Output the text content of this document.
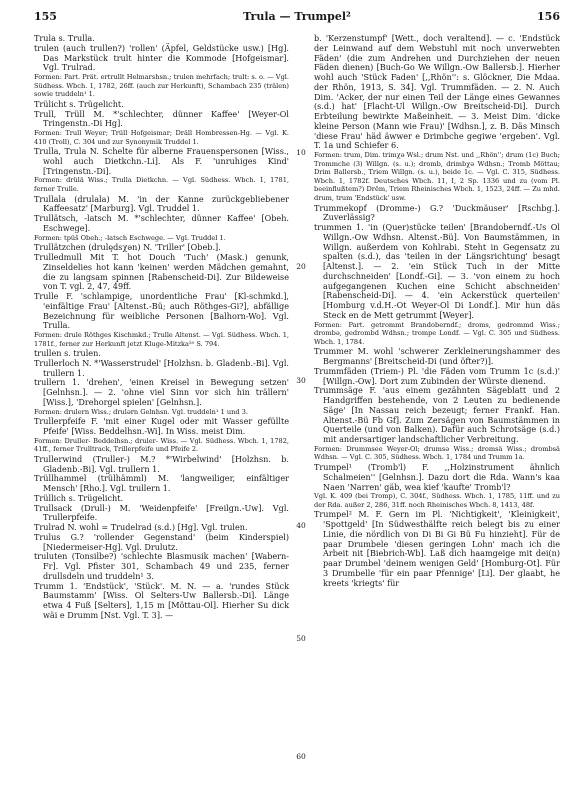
155	Trula — Trumpel²	156

Trula s. Trulla.

trulen (auch trullen?) 'rollen' (Äpfel, Geldstücke usw.) [Hg]. Das Markstück trult hinter die Kommode [Hofgeismar]. Vgl. Trulrad.

Formen: Part. Prät. ertrullt Helmarshsn.; trulen mehrfach; trult: s. o. — Vgl. Südhess. Wbch. 1, 1782, 26ff. (auch zur Herkunft), Schambach 235 (trälen) sowie truddeln¹ 1.

Trülicht s. Trügelicht.

Trull, Trüll M. *'schlechter, dünner Kaffee' [Weyer-Ol Tringenstn.-Di Hg].

Formen: Trull Weyer; Trüll Hofgeismar; Dräll Hombressen-Hg. — Vgl. K. 410 (Troll), C. 304 und zur Synonymik Truddel 1.

Trulla, Trula N. Schelte für alberne Frauenspersonen [Wiss., wohl auch Dietkchn.-Li]. Als F. 'unruhiges Kind' [Tringenstn.-Di].

Formen: drülä Wiss.; Trulla Dietkchn. — Vgl. Südhess. Wbch. 1, 1781, ferner Trulle.

Trullala (drulala) M. 'in der Kanne zurückgebliebener Kaffeesatz' [Marburg]. Vgl. Truddel 1.

Trullätsch, -latsch M. *'schlechter, dünner Kaffee' [Obeh. Eschwege].

Formen: tpüš Obeh.; -latsch Eschwege. — Vgl. Truddel 1.

Trullätzchen (drulędsχən) N. 'Triller' [Obeb.].

Trulledmull Mit T. hot Douch 'Tuch' (Mask.) genunk, Zinseldelies hot kann 'keinen' werden Mädchen gemahnt, die zu langsam spinnen [Rabenscheid-Di]. Zur Bildeweise von T. vgl. 2, 47, 49ff.

Trulle F. 'schlampige, unordentliche Frau' [Kl-schmkd.], 'einfältige Frau' [Altenst.-Bü; auch Röthges-Gi?], abfällige Bezeichnung für weibliche Personen [Balhorn-Wo]. Vgl. Trulla.

Formen: drule Röthges Kischmkd.; Trulle Altenst. — Vgl. Südhess. Wbch. 1, 1781f., ferner zur Herkunft jetzt Kluge-Mitzka²⁰ S. 794.

trullen s. trulen.

Trullerloch N. *'Wasserstrudel' [Holzhsn. b. Gladenb.-Bi]. Vgl. trullern 1.

trullern 1. 'drehen', 'einen Kreisel in Bewegung setzen' [Gelnhsn.]. — 2. 'ohne viel Sinn vor sich hin trällern' [Wiss.], 'Drehorgel spielen' [Gelnhsn.].

Formen: drulern Wiss.; drulərn Gelnhsn. Vgl. truddeln¹ 1 und 3.

Trullerpfeife F. 'mit einer Kugel oder mit Wasser gefüllte Pfeife' [Wiss. Beddelhsn.-Wi]. In Wiss. meist Dim.

Formen: Druller- Beddelhsn.; druler- Wiss. — Vgl. Südhess. Wbch. 1, 1782, 41ff., ferner Trulltrack, Trillerpfeife und Pfeife 2.

Trullerwind (Truller-) M.? *'Wirbelwind' [Holzhsn. b. Gladenb.-Bi]. Vgl. trullern 1.

Trüllhammel (trülhämml) M. 'langweiliger, einfältiger Mensch' [Rho.]. Vgl. trullern 1.

Trüllich s. Trügelicht.

Trullsack (Drull-) M. 'Weidenpfeife' [Freilgn.-Uw]. Vgl. Trullerpfeife.

Trulrad N. wohl = Trudelrad (s.d.) [Hg]. Vgl. trulen.

Trulus G.? 'rollender Gegenstand' (beim Kinderspiel) [Niedermeiser-Hg]. Vgl. Drulutz.

truluten (Tonsilbe?) 'schlechte Blasmusik machen' [Wabern-Fr]. Vgl. Pfister 301, Schambach 49 und 235, ferner drullsdeln und truddeln¹ 3.

Trumm 1. 'Endstück', 'Stück'. M. N. — a. 'rundes Stück Baumstamm' [Wiss. Ol Selters-Uw Ballersb.-Di]. Länge etwa 4 Fuß [Selters], 1,15 m [Möttau-Ol]. Hierher Su dick wäi e Drumm [Nst. Vgl. T. 3]. —

10
20
30
40
50
60

b. 'Kerzenstumpf' [Wett., doch veraltend]. — c. 'Endstück der Leinwand auf dem Webstuhl mit noch unverwebten Fäden' (die zum Andrehen und Durchziehen der neuen Fäden dienen) [Buch-Go We Willgn.-Ow Ballersb.]. Hierher wohl auch 'Stück Faden' [,,Rhön'': s. Glöckner, Die Mdaa. der Rhön, 1913, S. 34]. Vgl. Trummfäden. — 2. N. Auch Dim. 'Acker, der nur einen Teil der Länge eines Gewannes (s.d.) hat' [Flacht-Ul Willgn.-Ow Breitscheid-Di]. Durch Erbteilung bewirkte Maßeinheit. — 3. Meist Dim. 'dicke kleine Person (Mann wie Frau)' [Wdhsn.], z. B. Däs Minsch 'diese Frau' häd äwwer e Drimbche gegiwe 'ergeben'. Vgl. T. 1a und Schiefer 6.

Formen: trum, Dim. trimχə Wsl.; drum Nst. und ,,Rhön''; drum (1c) Buch; Trommche (3) Willgn. (s. u.); dromb, drimbχə Wdhsn.; Tromb Möttau; Drim Ballersb., Triem Willgn. (s. u.), beide 1c. — Vgl. C. 315, Südhess. Wbch. 1, 1782f. Deutsches Wbch. 11, I, 2 Sp. 1336 und zu (vom Pl. beeinflußtem?) Drëm, Triem Rheinisches Wbch. 1, 1523, 24ff. — Zu mhd. drum, trum 'Endstück' usw.

Trummekopf (Dromme-) G.? 'Duckmäuser' [Rschbg.]. Zuverlässig?

trummen 1. 'in (Quer)stücke teilen' [Brandoberndf.-Us Ol Willgn.-Ow Wdhsn. Altenst.-Bü]. Von Baumstämmen, in Willgn. außerdem von Kohlrabi. Steht in Gegensatz zu spalten (s.d.), das 'teilen in der Längsrichtung' besagt [Altenst.]. — 2. 'ein Stück Tuch in der Mitte durchschneiden' [Londf.-Gi]. — 3. 'von einem zu hoch aufgegangenen Kuchen eine Schicht abschneiden' [Rabenscheid-Di]. — 4. 'ein Ackerstück querteilen' [Homburg v.d.H.-Ot Weyer-Ol Di Londf.]. Mir hun däs Steck en de Mett getrummt [Weyer].

Formen: Part. getrommt Brandoberndf.; droms, gedrommd Wiss.; drombə, gedrombd Wdhsn.; trompe Londf. — Vgl. C. 305 und Südhess. Wbch. 1, 1784.

Trummer M. wohl 'schwerer Zerkleinerungshammer des Bergmanns' [Breitscheid-Di (und öfter?)].

Trummfäden (Triem-) Pl. 'die Fäden vom Trumm 1c (s.d.)' [Willgn.-Ow]. Dort zum Zubinden der Würste dienend.

Trummsäge F. 'aus einem gezähnten Sägeblatt und 2 Handgriffen bestehende, von 2 Leuten zu bedienende Säge' [In Nassau reich bezeugt; ferner Frankf. Han. Altenst.-Bü Fb Gf]. Zum Zersägen von Baumstämmen in Querteile (und von Balken). Dafür auch Schrotsäge (s.d.) mit andersartiger landschaftlicher Verbreitung.

Formen: Drummsee Weyer-Ol; drumsə Wiss.; dromsä Wiss.; drombsä Wdhsn. — Vgl. C. 305, Südhess. Wbch. 1, 1784 und Trumm 1a.

Trumpel¹ (Tromb'l) F. ,,Holzinstrument ähnlich Schalmeien'' [Gelnhsn.]. Dazu dort die Rda. Wann's kaa Naen 'Narren' gäb, wea kief 'kaufte' Tromb'l?

Vgl. K. 409 (bei Tromp), C. 304f., Südhess. Wbch. 1, 1785, 11ff. und zu der Rda. außer 2, 286, 31ff. noch Rheinisches Wbch. 8, 1413, 48f.

Trumpel² M. F. Gern im Pl. 'Nichtigkeit', 'Kleinigkeit', 'Spottgeld' [In Südwesthälfte reich belegt bis zu einer Linie, die nördlich von Di Bi Gi Bü Fu hinzieht]. Für de paar Drumbele 'diesen geringen Lohn' mach ich die Arbeit nit [Biebrich-Wb]. Laß dich haamgeige mit dei(n) paar Drumbel 'deinem wenigen Geld' [Homburg-Ot]. Für 3 Drumbelle 'für ein paar Pfennige' [Li]. Der glaabt, he kreets 'kriegts' für
